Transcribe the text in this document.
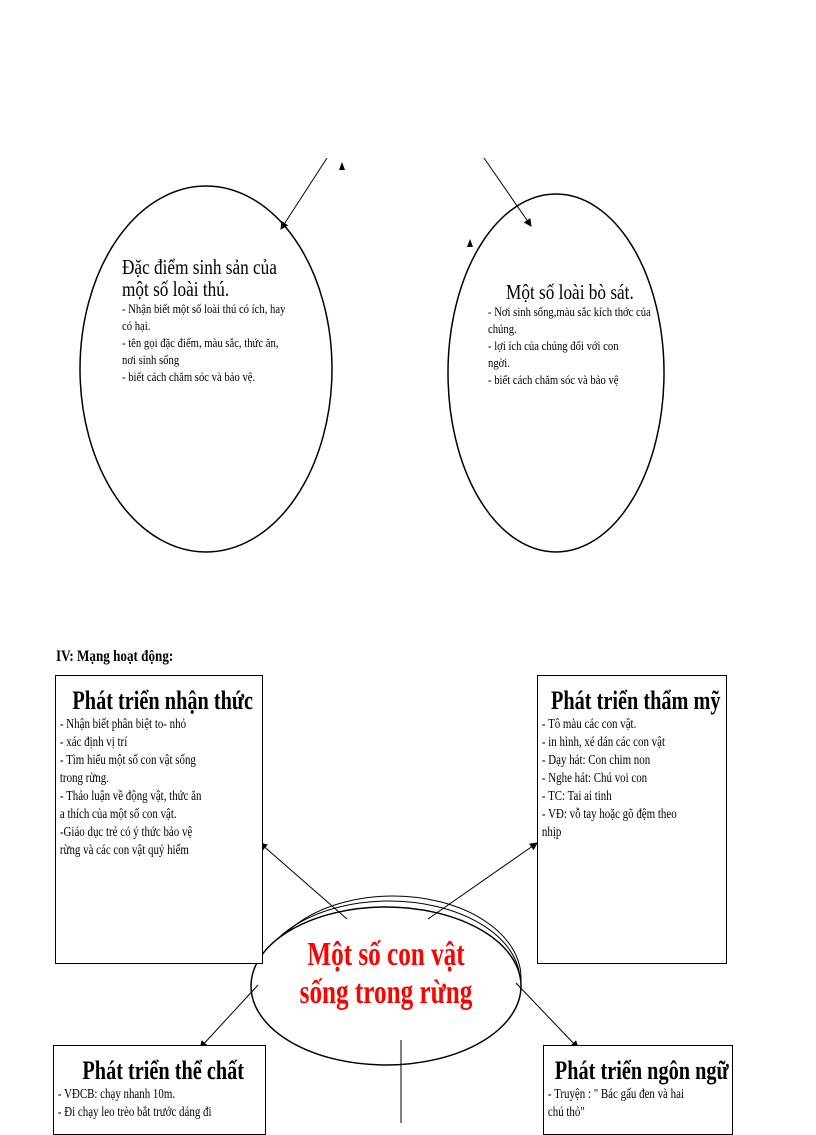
Đặc điểm sinh sản của một số loài thú.
- Nhận biết một số loài thú có ích, hay có hại.
- tên gọi đặc điểm, màu sắc, thức ăn, nơi sinh sống
- biết cách chăm sóc và bảo vệ.
Một số loài bò sát.
- Nơi sinh sống,màu sắc kích thớc của chúng.
- lợi ích của chúng đối với con ngời.
- biết cách chăm sóc và bảo vệ
IV: Mạng hoạt động:
Phát triển nhận thức
- Nhận biết phân biệt to- nhỏ
- xác định vị trí
- Tìm hiểu một số con vật sống
trong rừng.
- Thảo luận về động vật, thức ăn
a thích của một số con vật.
-Giáo dục trẻ có ý thức bảo vệ
rừng và các con vật quý hiếm
Phát triển thẩm mỹ
- Tô màu các con vật.
- in hình, xé dán các con vật
- Dạy hát: Con chim non
- Nghe hát: Chú voi con
- TC: Tai ai tinh
- VĐ: vỗ tay hoặc gõ đệm theo
nhịp
Một số con vật
sống trong rừng
Phát triển thể chất
- VĐCB: chạy nhanh 10m.
- Đi chạy leo trèo bắt trước dáng đi
Phát triển ngôn ngữ
- Truyện : " Bác gấu đen và hai
chú thỏ"
